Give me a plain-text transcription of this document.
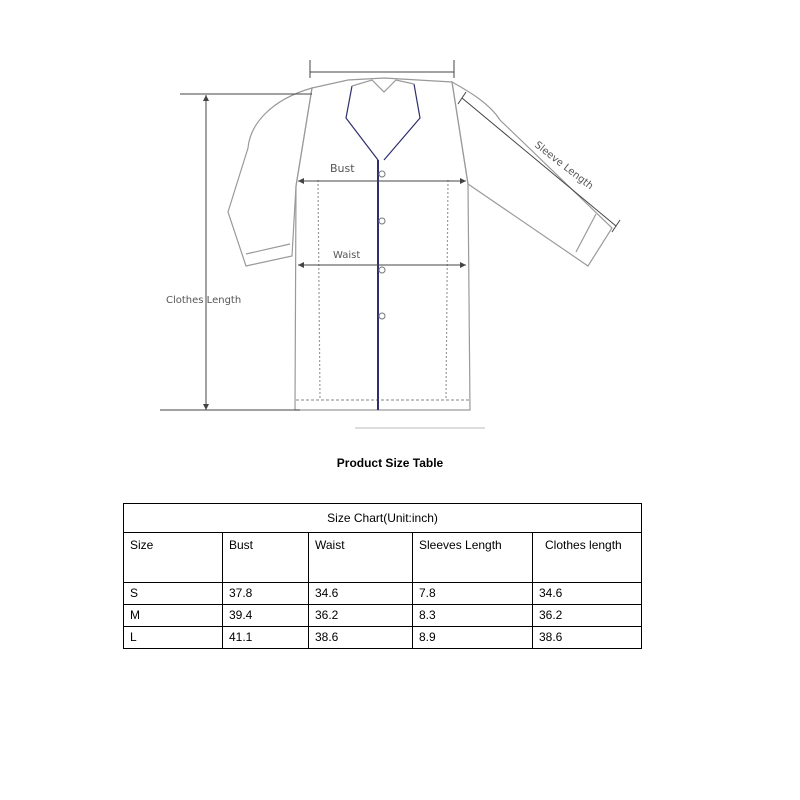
Bust
Waist
Clothes Length
Sleeve Length
Product Size Table
Size Chart(Unit:inch)				
Size	Bust	Waist	Sleeves Length	Clothes length
S	37.8	34.6	7.8	34.6
M	39.4	36.2	8.3	36.2
L	41.1	38.6	8.9	38.6
